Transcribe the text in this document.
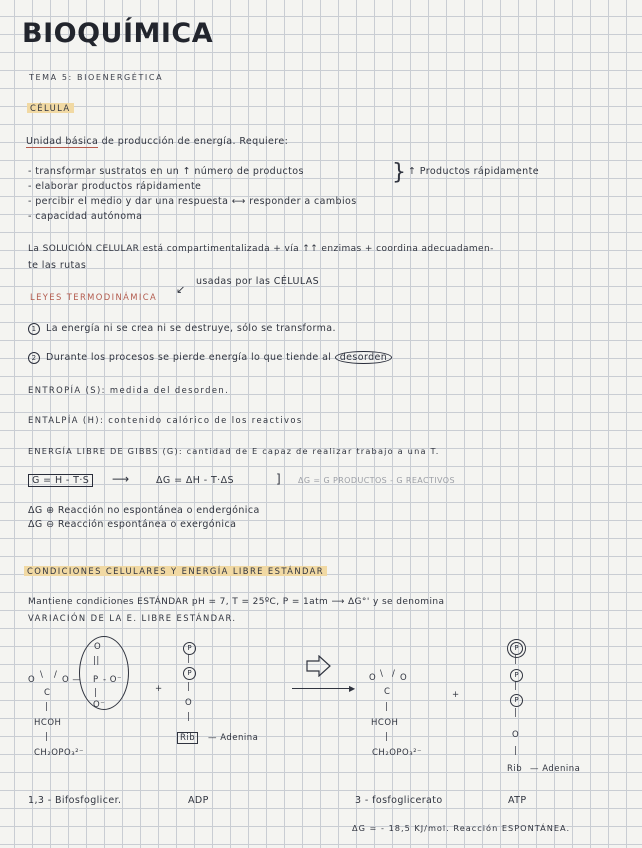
BIOQUÍMICA
TEMA 5: BIOENERGÉTICA
CÉLULA
Unidad básica de producción de energía. Requiere:
- transformar sustratos en un ↑ número de productos
- elaborar productos rápidamente
- percibir el medio y dar una respuesta ⟷ responder a cambios
- capacidad autónoma
} ↑ Productos rápidamente
La SOLUCIÓN CELULAR está compartimentalizada + vía ↑↑ enzimas + coordina adecuadamen-
te las rutas
usadas por las CÉLULAS
↙
LEYES TERMODINÁMICA
1 La energía ni se crea ni se destruye, sólo se transforma.
2 Durante los procesos se pierde energía lo que tiende al desorden
ENTROPÍA (S): medida del desorden.
ENTALPÍA (H): contenido calórico de los reactivos
ENERGÍA LIBRE DE GIBBS (G): cantidad de E capaz de realizar trabajo a una T.
G = H - T·S	⟶	ΔG = ΔH - T·ΔS	] ΔG = G PRODUCTOS - G REACTIVOS
ΔG ⊕ Reacción no espontánea o endergónica
ΔG ⊖ Reacción espontánea o exergónica
CONDICIONES CELULARES Y ENERGÍA LIBRE ESTÁNDAR
Mantiene condiciones ESTÁNDAR pH = 7, T = 25ºC, P = 1atm ⟶ ΔG°' y se denomina
VARIACIÓN DE LA E. LIBRE ESTÁNDAR.
O
||
O \ / O — P - O⁻
C	|
O⁻
|
HCOH
|
CH₂OPO₃²⁻
+
P
|
P
|
O
|
Rib	— Adenina
▶
O \ / O
C
|
HCOH
|
CH₂OPO₃²⁻
+
P
|
P
|
P
|
O
|
Rib — Adenina
1,3 - Bifosfoglicer.	ADP	3 - fosfoglicerato	ATP
ΔG = - 18,5 KJ/mol. Reacción ESPONTÁNEA.
